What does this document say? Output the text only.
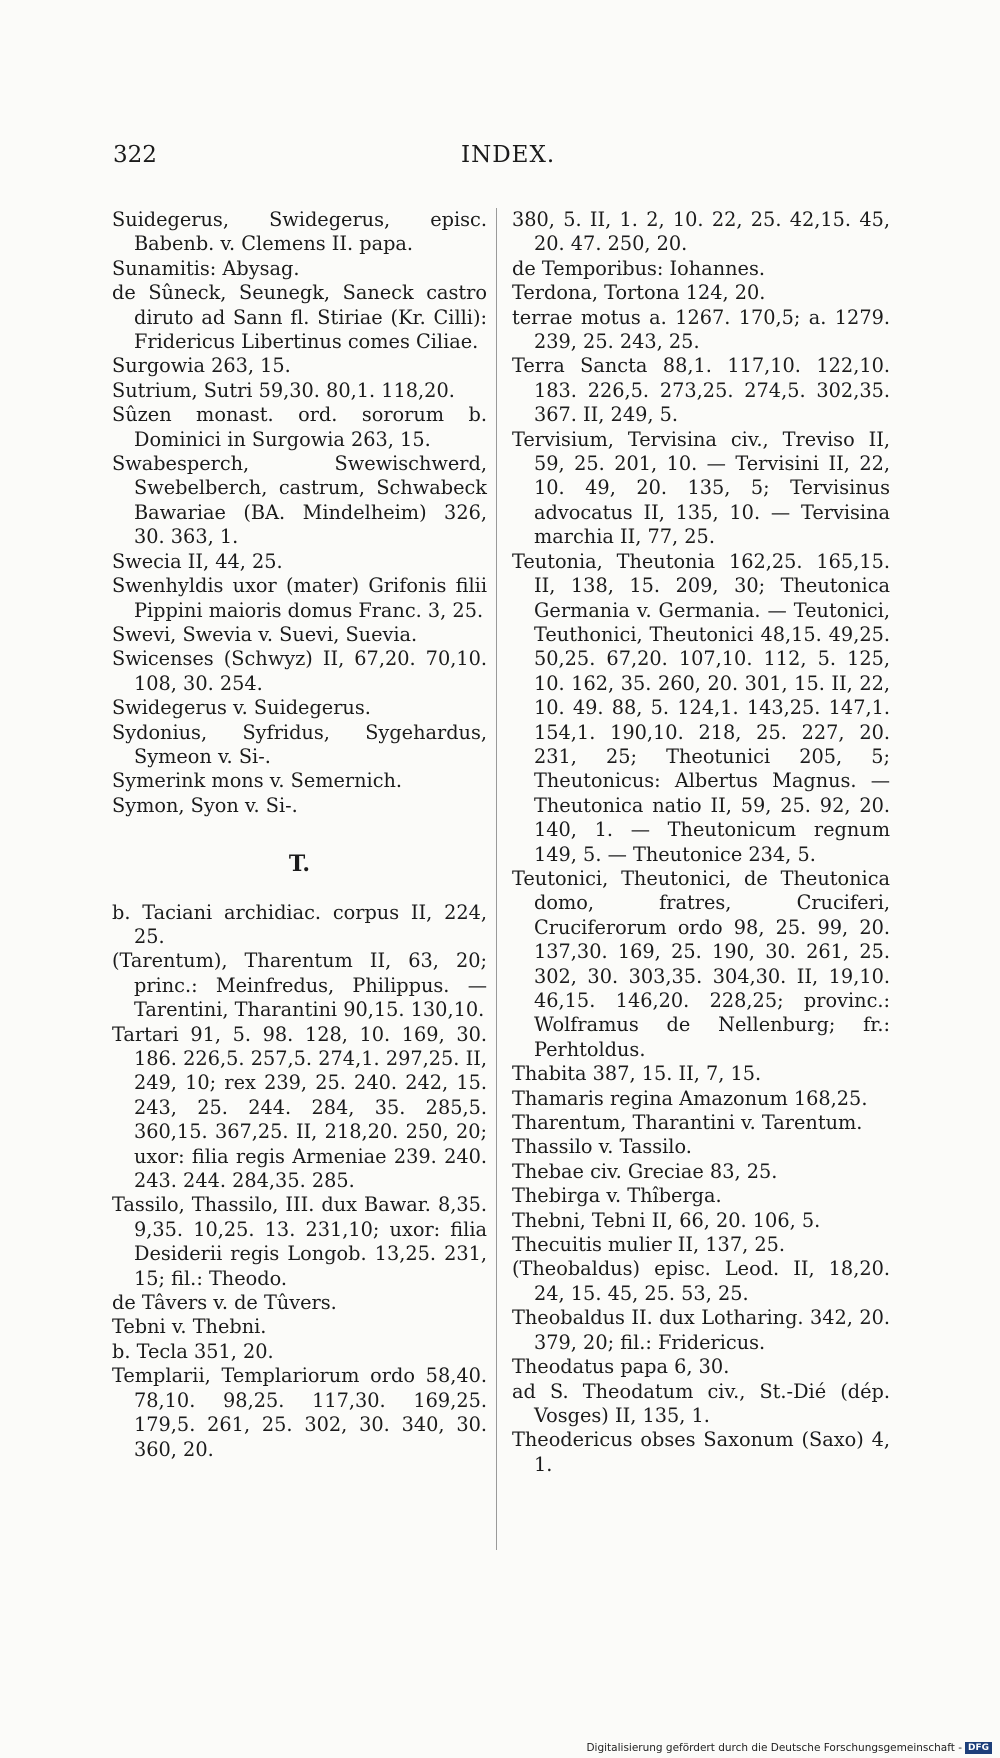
322	INDEX.

Suidegerus, Swidegerus, episc. Babenb. v. Clemens II. papa.

Sunamitis: Abysag.

de Sûneck, Seunegk, Saneck castro diruto ad Sann fl. Stiriae (Kr. Cilli): Fridericus Libertinus comes Ciliae.

Surgowia 263, 15.

Sutrium, Sutri 59,30. 80,1. 118,20.

Sûzen monast. ord. sororum b. Dominici in Surgowia 263, 15.

Swabesperch, Swewischwerd, Swebelberch, castrum, Schwabeck Bawariae (BA. Mindelheim) 326, 30. 363, 1.

Swecia II, 44, 25.

Swenhyldis uxor (mater) Grifonis filii Pippini maioris domus Franc. 3, 25.

Swevi, Swevia v. Suevi, Suevia.

Swicenses (Schwyz) II, 67,20. 70,10. 108, 30. 254.

Swidegerus v. Suidegerus.

Sydonius, Syfridus, Sygehardus, Symeon v. Si-.

Symerink mons v. Semernich.

Symon, Syon v. Si-.

T.

b. Taciani archidiac. corpus II, 224, 25.

(Tarentum), Tharentum II, 63, 20; princ.: Meinfredus, Philippus. — Tarentini, Tharantini 90,15. 130,10.

Tartari 91, 5. 98. 128, 10. 169, 30. 186. 226,5. 257,5. 274,1. 297,25. II, 249, 10; rex 239, 25. 240. 242, 15. 243, 25. 244. 284, 35. 285,5. 360,15. 367,25. II, 218,20. 250, 20; uxor: filia regis Armeniae 239. 240. 243. 244. 284,35. 285.

Tassilo, Thassilo, III. dux Bawar. 8,35. 9,35. 10,25. 13. 231,10; uxor: filia Desiderii regis Longob. 13,25. 231, 15; fil.: Theodo.

de Tâvers v. de Tûvers.

Tebni v. Thebni.

b. Tecla 351, 20.

Templarii, Templariorum ordo 58,40. 78,10. 98,25. 117,30. 169,25. 179,5. 261, 25. 302, 30. 340, 30. 360, 20.

380, 5. II, 1. 2, 10. 22, 25. 42,15. 45, 20. 47. 250, 20.

de Temporibus: Iohannes.

Terdona, Tortona 124, 20.

terrae motus a. 1267. 170,5; a. 1279. 239, 25. 243, 25.

Terra Sancta 88,1. 117,10. 122,10. 183. 226,5. 273,25. 274,5. 302,35. 367. II, 249, 5.

Tervisium, Tervisina civ., Treviso II, 59, 25. 201, 10. — Tervisini II, 22, 10. 49, 20. 135, 5; Tervisinus advocatus II, 135, 10. — Tervisina marchia II, 77, 25.

Teutonia, Theutonia 162,25. 165,15. II, 138, 15. 209, 30; Theutonica Germania v. Germania. — Teutonici, Teuthonici, Theutonici 48,15. 49,25. 50,25. 67,20. 107,10. 112, 5. 125, 10. 162, 35. 260, 20. 301, 15. II, 22, 10. 49. 88, 5. 124,1. 143,25. 147,1. 154,1. 190,10. 218, 25. 227, 20. 231, 25; Theotunici 205, 5; Theutonicus: Albertus Magnus. — Theutonica natio II, 59, 25. 92, 20. 140, 1. — Theutonicum regnum 149, 5. — Theutonice 234, 5.

Teutonici, Theutonici, de Theutonica domo, fratres, Cruciferi, Cruciferorum ordo 98, 25. 99, 20. 137,30. 169, 25. 190, 30. 261, 25. 302, 30. 303,35. 304,30. II, 19,10. 46,15. 146,20. 228,25; provinc.: Wolframus de Nellenburg; fr.: Perhtoldus.

Thabita 387, 15. II, 7, 15.

Thamaris regina Amazonum 168,25.

Tharentum, Tharantini v. Tarentum.

Thassilo v. Tassilo.

Thebae civ. Greciae 83, 25.

Thebirga v. Thîberga.

Thebni, Tebni II, 66, 20. 106, 5.

Thecuitis mulier II, 137, 25.

(Theobaldus) episc. Leod. II, 18,20. 24, 15. 45, 25. 53, 25.

Theobaldus II. dux Lotharing. 342, 20. 379, 20; fil.: Fridericus.

Theodatus papa 6, 30.

ad S. Theodatum civ., St.-Dié (dép. Vosges) II, 135, 1.

Theodericus obses Saxonum (Saxo) 4, 1.

Digitalisierung gefördert durch die Deutsche Forschungsgemeinschaft - DFG
